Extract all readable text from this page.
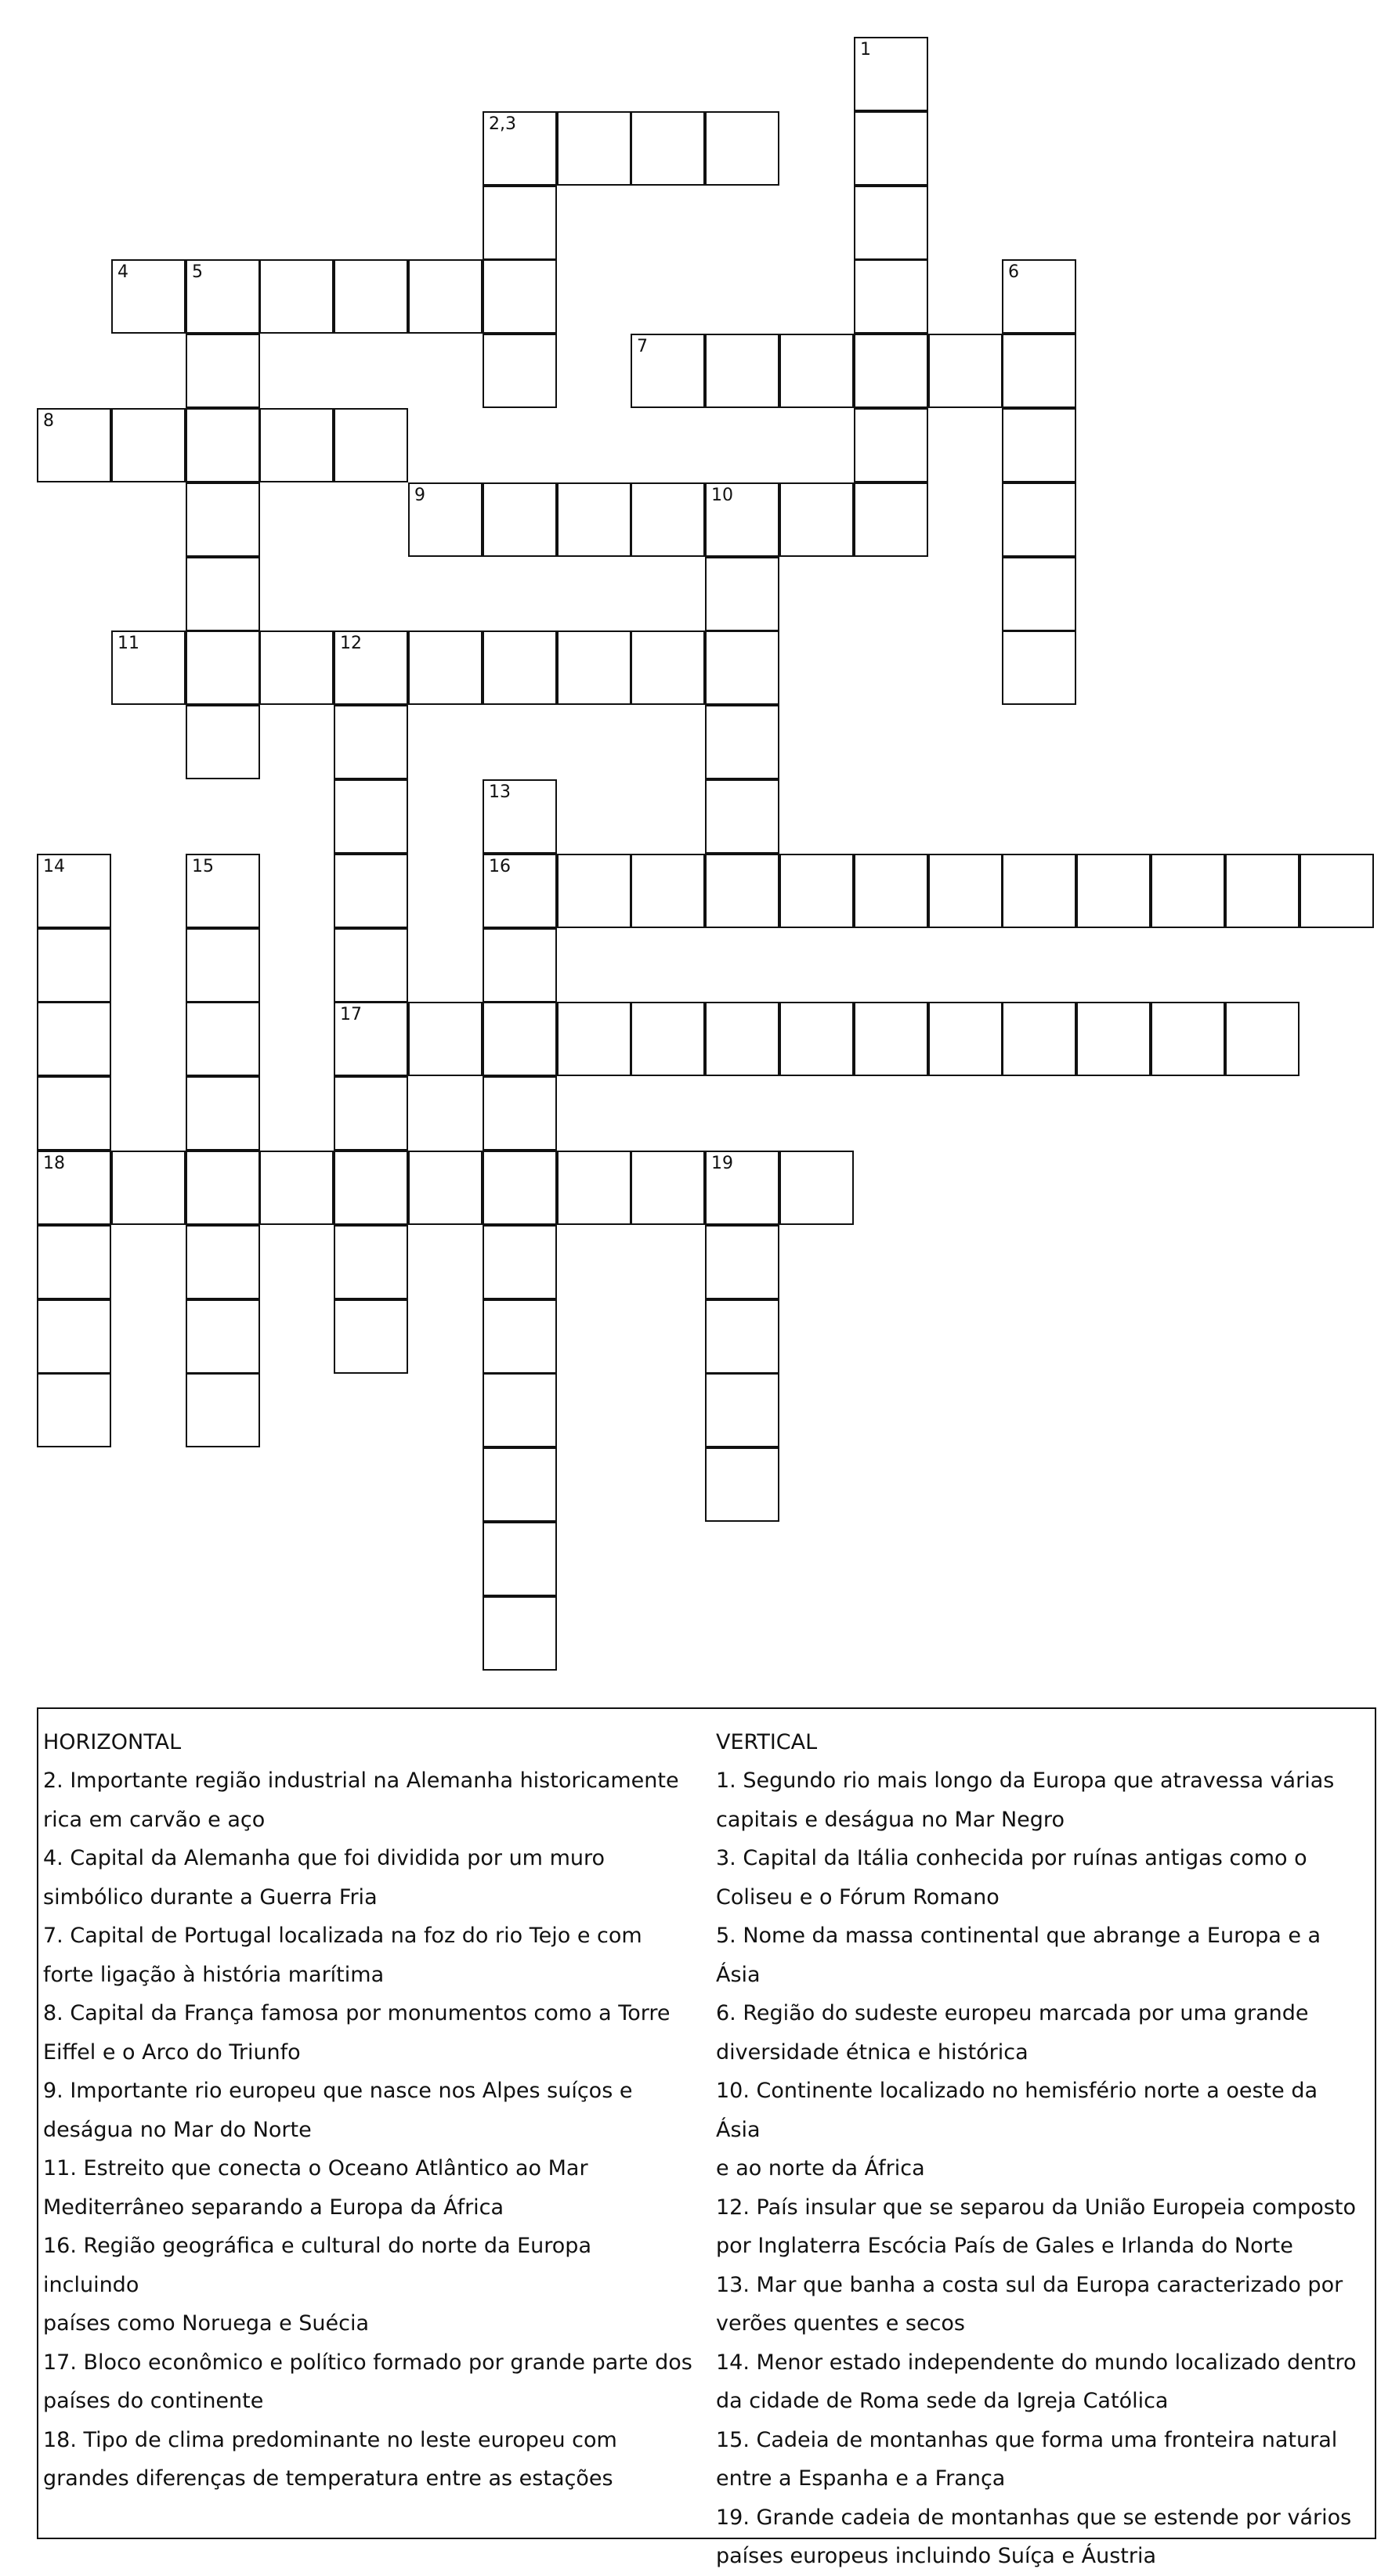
1
2,3
4	5	6
7
8
9	10
11	12
17
13
16
14
18
15
19
HORIZONTAL
2. Importante região industrial na Alemanha historicamente
rica em carvão e aço
4. Capital da Alemanha que foi dividida por um muro
simbólico durante a Guerra Fria
7. Capital de Portugal localizada na foz do rio Tejo e com
forte ligação à história marítima
8. Capital da França famosa por monumentos como a Torre
Eiffel e o Arco do Triunfo
9. Importante rio europeu que nasce nos Alpes suíços e
deságua no Mar do Norte
11. Estreito que conecta o Oceano Atlântico ao Mar
Mediterrâneo separando a Europa da África
16. Região geográfica e cultural do norte da Europa incluindo
países como Noruega e Suécia
17. Bloco econômico e político formado por grande parte dos
países do continente
18. Tipo de clima predominante no leste europeu com
grandes diferenças de temperatura entre as estações
VERTICAL
1. Segundo rio mais longo da Europa que atravessa várias
capitais e deságua no Mar Negro
3. Capital da Itália conhecida por ruínas antigas como o
Coliseu e o Fórum Romano
5. Nome da massa continental que abrange a Europa e a Ásia
6. Região do sudeste europeu marcada por uma grande
diversidade étnica e histórica
10. Continente localizado no hemisfério norte a oeste da Ásia
e ao norte da África
12. País insular que se separou da União Europeia composto
por Inglaterra Escócia País de Gales e Irlanda do Norte
13. Mar que banha a costa sul da Europa caracterizado por
verões quentes e secos
14. Menor estado independente do mundo localizado dentro
da cidade de Roma sede da Igreja Católica
15. Cadeia de montanhas que forma uma fronteira natural
entre a Espanha e a França
19. Grande cadeia de montanhas que se estende por vários
países europeus incluindo Suíça e Áustria
